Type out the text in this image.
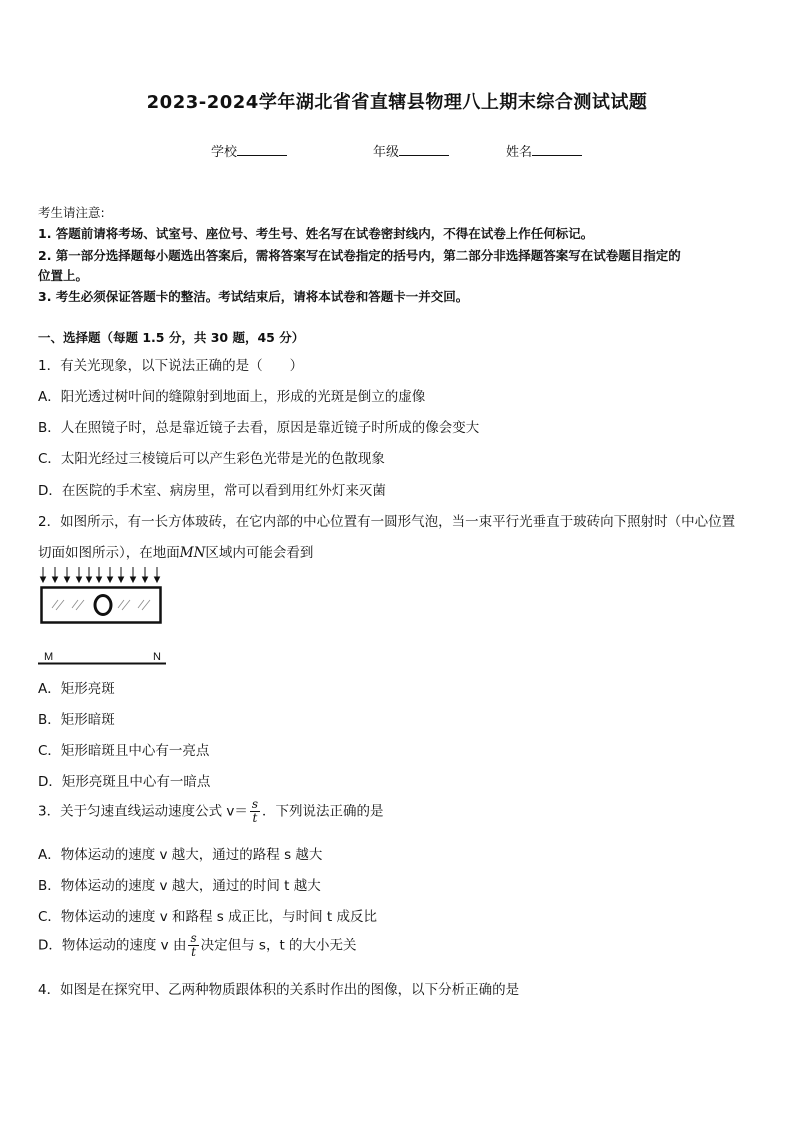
2023-2024学年湖北省省直辖县物理八上期末综合测试试题
学校	年级	姓名
考生请注意:
1. 答题前请将考场、试室号、座位号、考生号、姓名写在试卷密封线内，不得在试卷上作任何标记。
2. 第一部分选择题每小题选出答案后，需将答案写在试卷指定的括号内，第二部分非选择题答案写在试卷题目指定的
位置上。
3. 考生必须保证答题卡的整洁。考试结束后，请将本试卷和答题卡一并交回。
一、选择题（每题 1.5 分，共 30 题，45 分）
1．有关光现象，以下说法正确的是（　　）
A．阳光透过树叶间的缝隙射到地面上，形成的光斑是倒立的虚像
B．人在照镜子时，总是靠近镜子去看，原因是靠近镜子时所成的像会变大
C．太阳光经过三棱镜后可以产生彩色光带是光的色散现象
D．在医院的手术室、病房里，常可以看到用红外灯来灭菌
2．如图所示，有一长方体玻砖，在它内部的中心位置有一圆形气泡，当一束平行光垂直于玻砖向下照射时（中心位置
切面如图所示），在地面MN区域内可能会看到
M	N
A．矩形亮斑
B．矩形暗斑
C．矩形暗斑且中心有一亮点
D．矩形亮斑且中心有一暗点
3．关于匀速直线运动速度公式 $v= \frac{s}{t}$ ．下列说法正确的是
A．物体运动的速度 v 越大，通过的路程 s 越大
B．物体运动的速度 v 越大，通过的时间 t 越大
C．物体运动的速度 v 和路程 s 成正比，与时间 t 成反比
D．物体运动的速度 v 由 $\frac{s}{t}$ 决定但与 s，t 的大小无关
4．如图是在探究甲、乙两种物质跟体积的关系时作出的图像，以下分析正确的是
